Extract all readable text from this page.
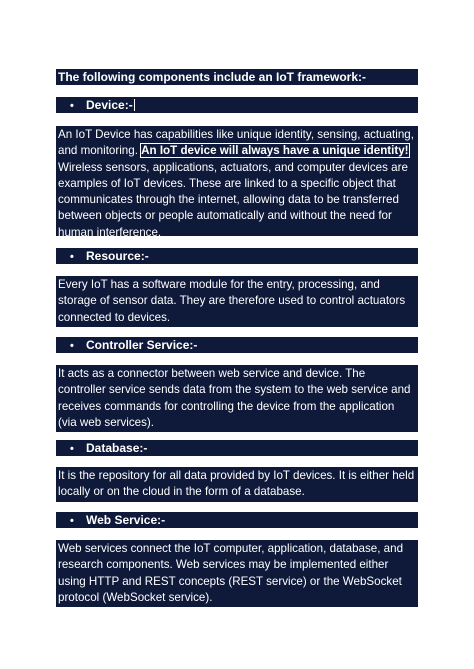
The following components include an IoT framework:-
• Device:-
An IoT Device has capabilities like unique identity, sensing, actuating, and monitoring. An IoT device will always have a unique identity! Wireless sensors, applications, actuators, and computer devices are examples of IoT devices. These are linked to a specific object that communicates through the internet, allowing data to be transferred between objects or people automatically and without the need for human interference.
• Resource:-
Every IoT has a software module for the entry, processing, and storage of sensor data. They are therefore used to control actuators connected to devices.
• Controller Service:-
It acts as a connector between web service and device. The controller service sends data from the system to the web service and receives commands for controlling the device from the application (via web services).
• Database:-
It is the repository for all data provided by IoT devices. It is either held locally or on the cloud in the form of a database.
• Web Service:-
Web services connect the IoT computer, application, database, and research components. Web services may be implemented either using HTTP and REST concepts (REST service) or the WebSocket protocol (WebSocket service).
